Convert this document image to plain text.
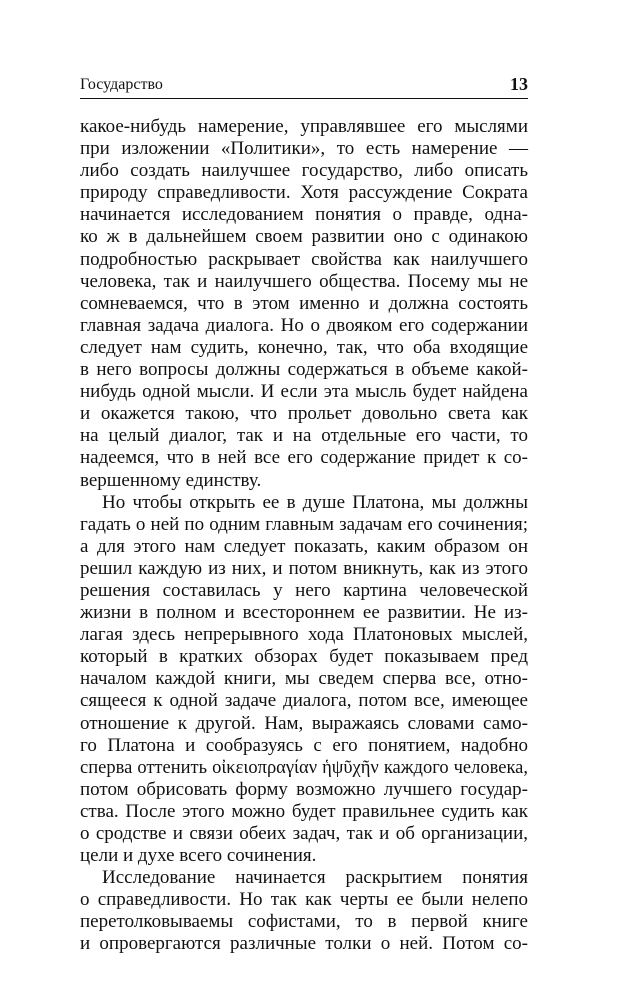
Государство	13
какое-нибудь намерение, управлявшее его мыслями
при изложении «Политики», то есть намерение —
либо создать наилучшее государство, либо описать
природу справедливости. Хотя рассуждение Сократа
начинается исследованием понятия о правде, одна-
ко ж в дальнейшем своем развитии оно с одинакою
подробностью раскрывает свойства как наилучшего
человека, так и наилучшего общества. Посему мы не
сомневаемся, что в этом именно и должна состоять
главная задача диалога. Но о двояком его содержании
следует нам судить, конечно, так, что оба входящие
в него вопросы должны содержаться в объеме какой-
нибудь одной мысли. И если эта мысль будет найдена
и окажется такою, что прольет довольно света как
на целый диалог, так и на отдельные его части, то
надеемся, что в ней все его содержание придет к со-
вершенному единству.
Но чтобы открыть ее в душе Платона, мы должны
гадать о ней по одним главным задачам его сочинения;
а для этого нам следует показать, каким образом он
решил каждую из них, и потом вникнуть, как из этого
решения составилась у него картина человеческой
жизни в полном и всестороннем ее развитии. Не из-
лагая здесь непрерывного хода Платоновых мыслей,
который в кратких обзорах будет показываем пред
началом каждой книги, мы сведем сперва все, отно-
сящееся к одной задаче диалога, потом все, имеющее
отношение к другой. Нам, выражаясь словами само-
го Платона и сообразуясь с его понятием, надобно
сперва оттенить οἰκειοπραγίαν ἡψῦχῆν каждого человека,
потом обрисовать форму возможно лучшего государ-
ства. После этого можно будет правильнее судить как
о сродстве и связи обеих задач, так и об организации,
цели и духе всего сочинения.
Исследование начинается раскрытием понятия
о справедливости. Но так как черты ее были нелепо
перетолковываемы софистами, то в первой книге
и опровергаются различные толки о ней. Потом со-
